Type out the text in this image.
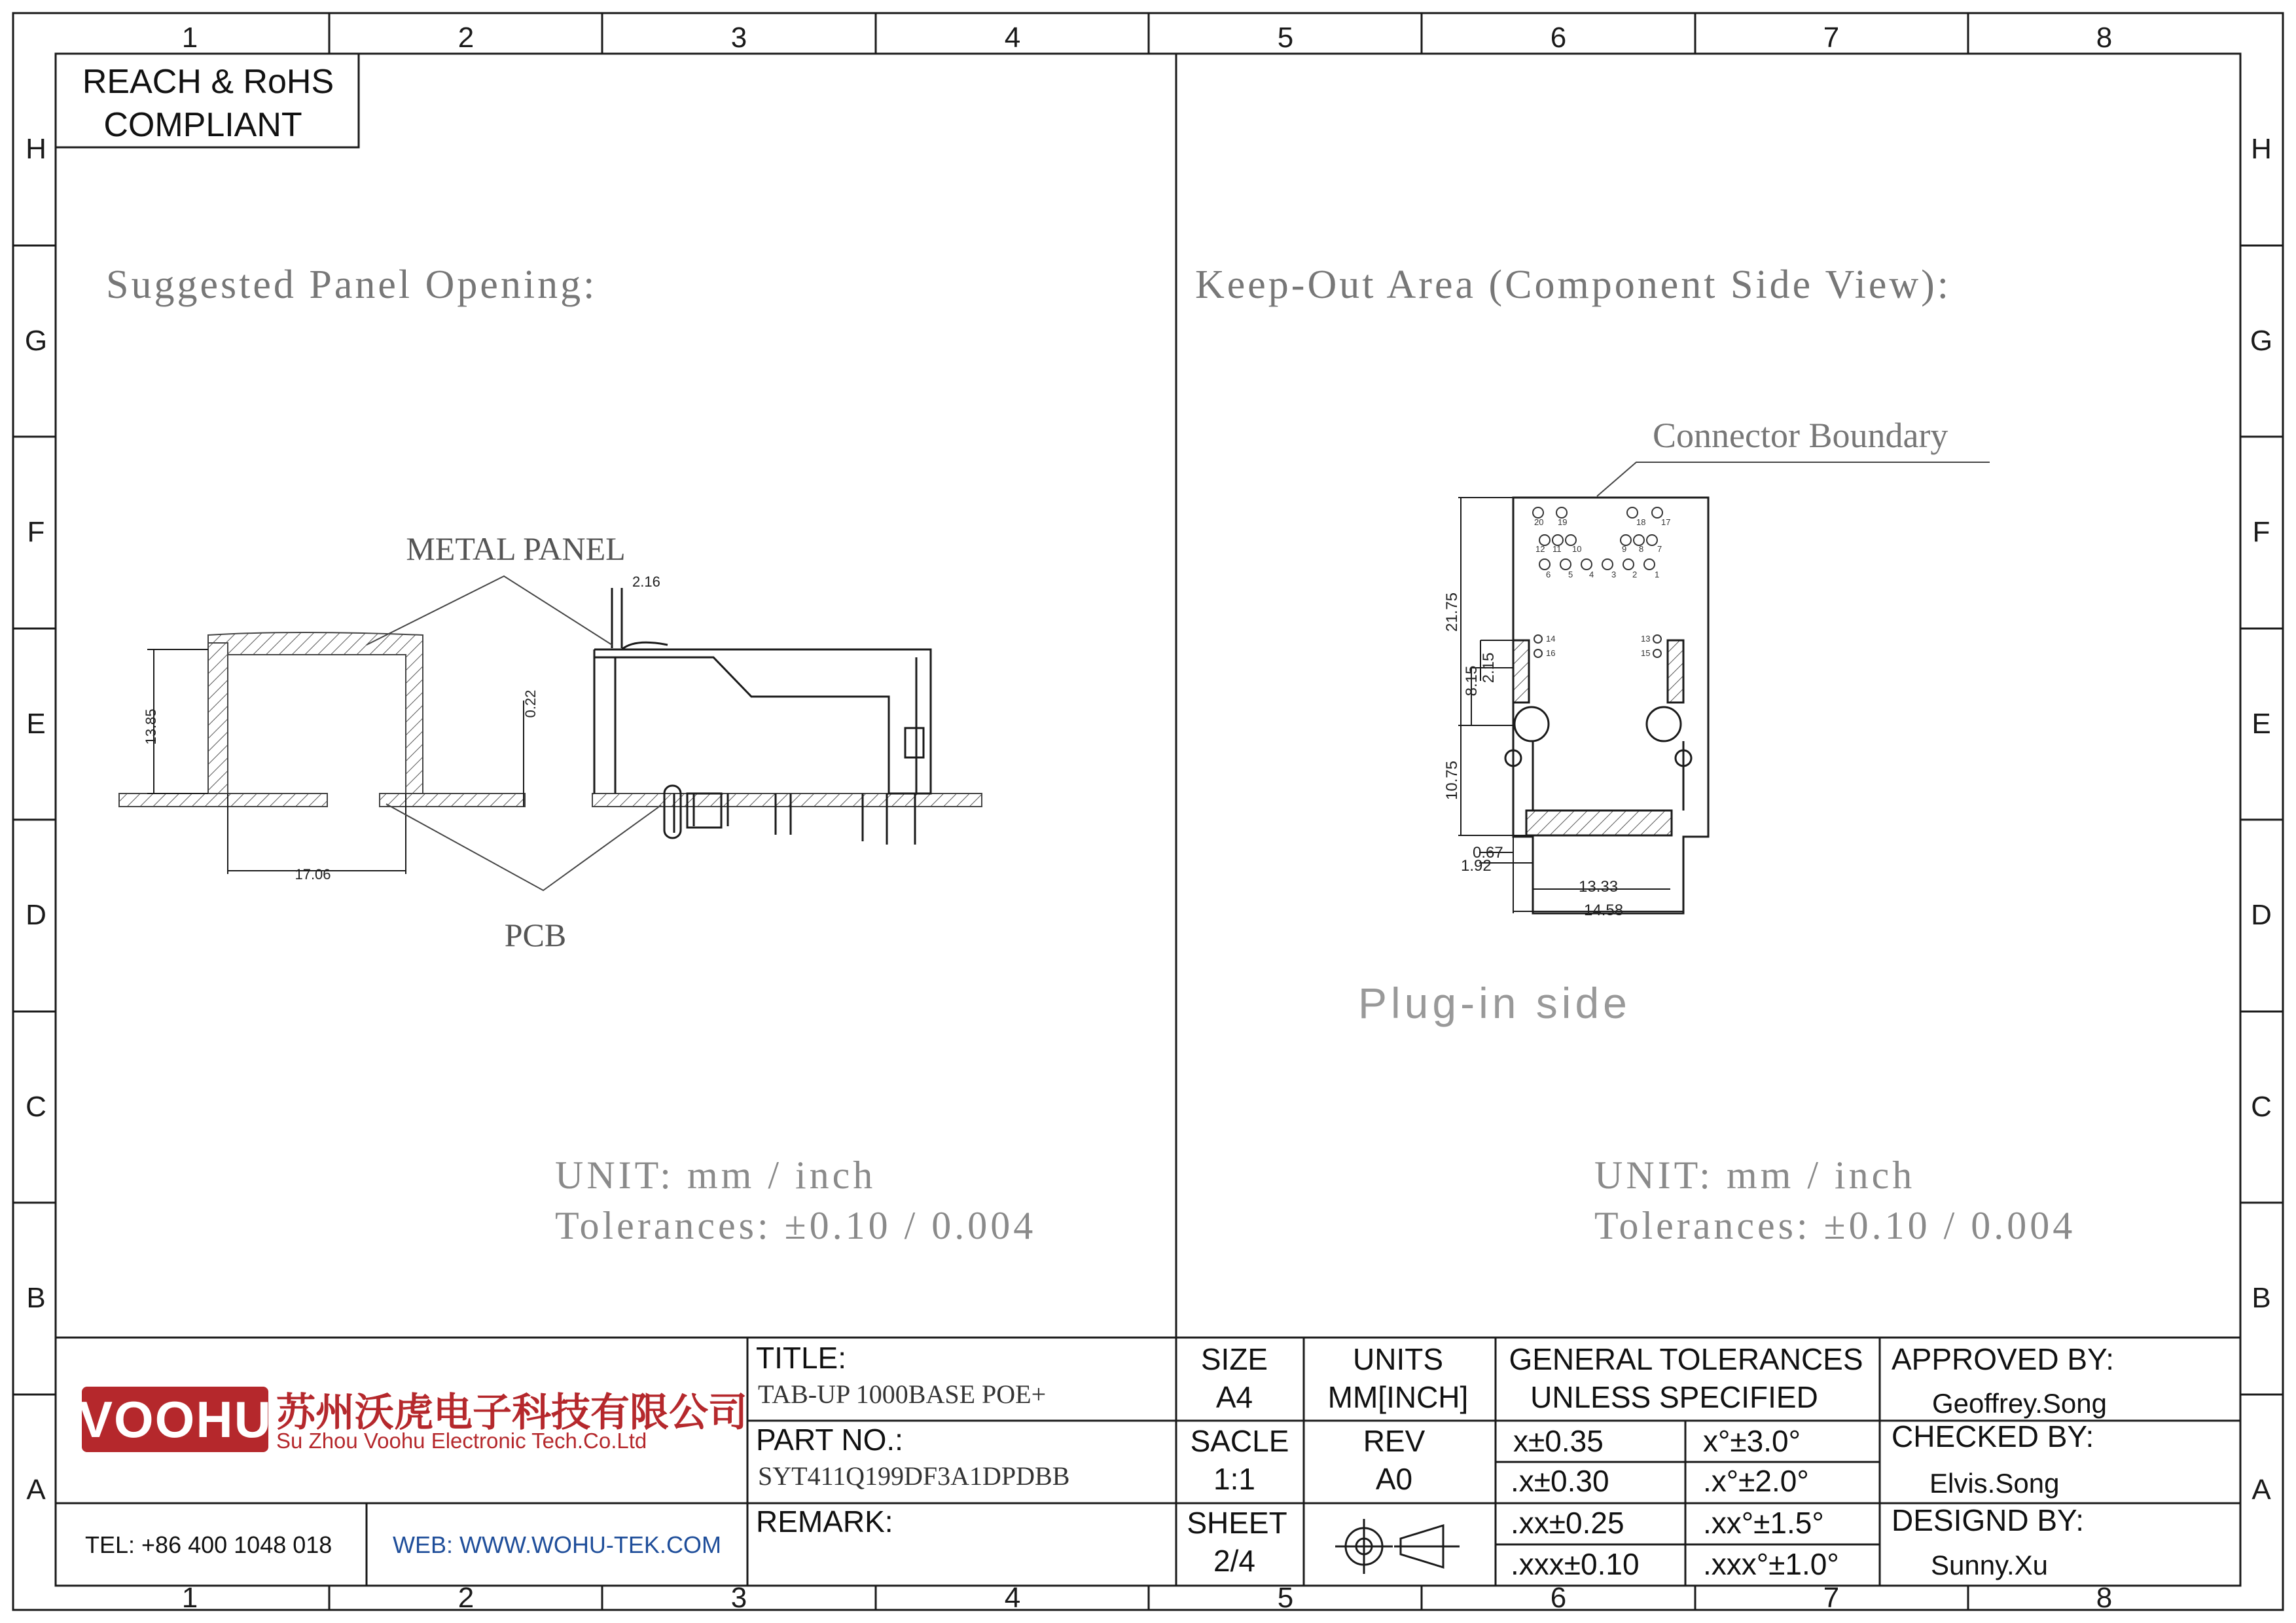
1	2	3	4	5	6	7	8
1	2	3	4	5	6	7	8
H
G
F
E
D
C
B
A
H
G
F
E
D
C
B
A
REACH & RoHS
COMPLIANT
Suggested Panel Opening:
17.06
13.85
0.22
2.16
METAL PANEL
PCB
UNIT: mm / inch
Tolerances: ±0.10 / 0.004
Keep-Out Area (Component Side View):
Connector Boundary
20 19	18 17
12 11 10	9 8 7
6 5 4 3 2 1
14
16
13
15
21.75
8.15 2.15
10.75
0.67
1.92
13.33
14.58
Plug-in side
UNIT: mm / inch
Tolerances: ±0.10 / 0.004
VOOHU 苏州沃虎电子科技有限公司
Su Zhou Voohu Electronic Tech.Co.Ltd
TEL: +86 400 1048 018	WEB: WWW.WOHU-TEK.COM
TITLE:
TAB-UP 1000BASE POE+
PART NO.:
SYT411Q199DF3A1DPDBB
REMARK:
SIZE
A4
UNITS
MM[INCH]
SACLE
1:1
REV
A0
SHEET
2/4
GENERAL TOLERANCES
UNLESS SPECIFIED
x±0.35	x°±3.0°
.x±0.30	.x°±2.0°
.xx±0.25	.xx°±1.5°
.xxx±0.10 .xxx°±1.0°
APPROVED BY:
Geoffrey.Song
CHECKED BY:
Elvis.Song
DESIGND BY:
Sunny.Xu
